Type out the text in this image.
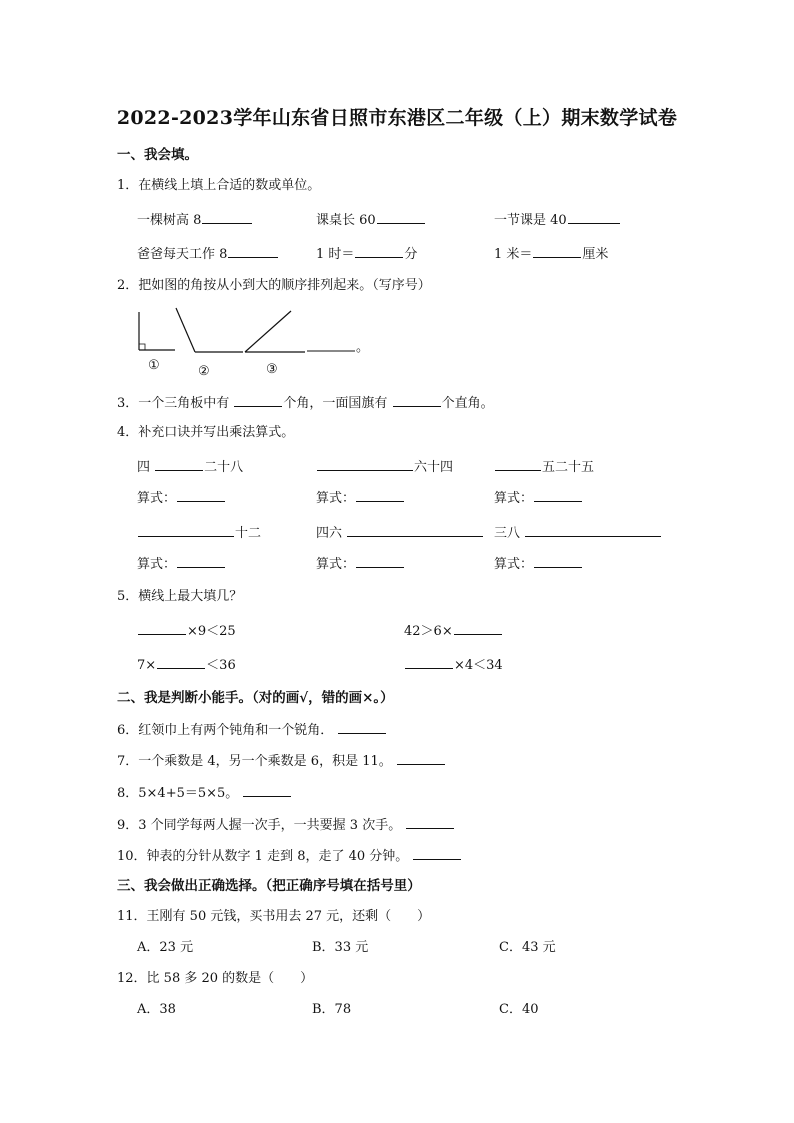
2022-2023学年山东省日照市东港区二年级（上）期末数学试卷
一、我会填。
1．在横线上填上合适的数或单位。
一棵树高 8	课桌长 60	一节课是 40
爸爸每天工作 8	1 时＝	分	1 米＝	厘米
2．把如图的角按从小到大的顺序排列起来。（写序号）
①	②	③
。
3．一个三角板中有	个角，一面国旗有	个直角。
4．补充口诀并写出乘法算式。
四	二十八	六十四	五二十五
算式：	算式：	算式：
十二	四六	三八
算式：	算式：	算式：
5．横线上最大填几？
×9＜25	42＞6×
7×	＜36	×4＜34
二、我是判断小能手。（对的画√，错的画×。）
6．红领巾上有两个钝角和一个锐角．
7．一个乘数是 4，另一个乘数是 6，积是 11。
8．5×4+5＝5×5。
9．3 个同学每两人握一次手，一共要握 3 次手。
10．钟表的分针从数字 1 走到 8，走了 40 分钟。
三、我会做出正确选择。（把正确序号填在括号里）
11．王刚有 50 元钱，买书用去 27 元，还剩（　　）
A．23 元	B．33 元	C．43 元
12．比 58 多 20 的数是（　　）
A．38	B．78	C．40
